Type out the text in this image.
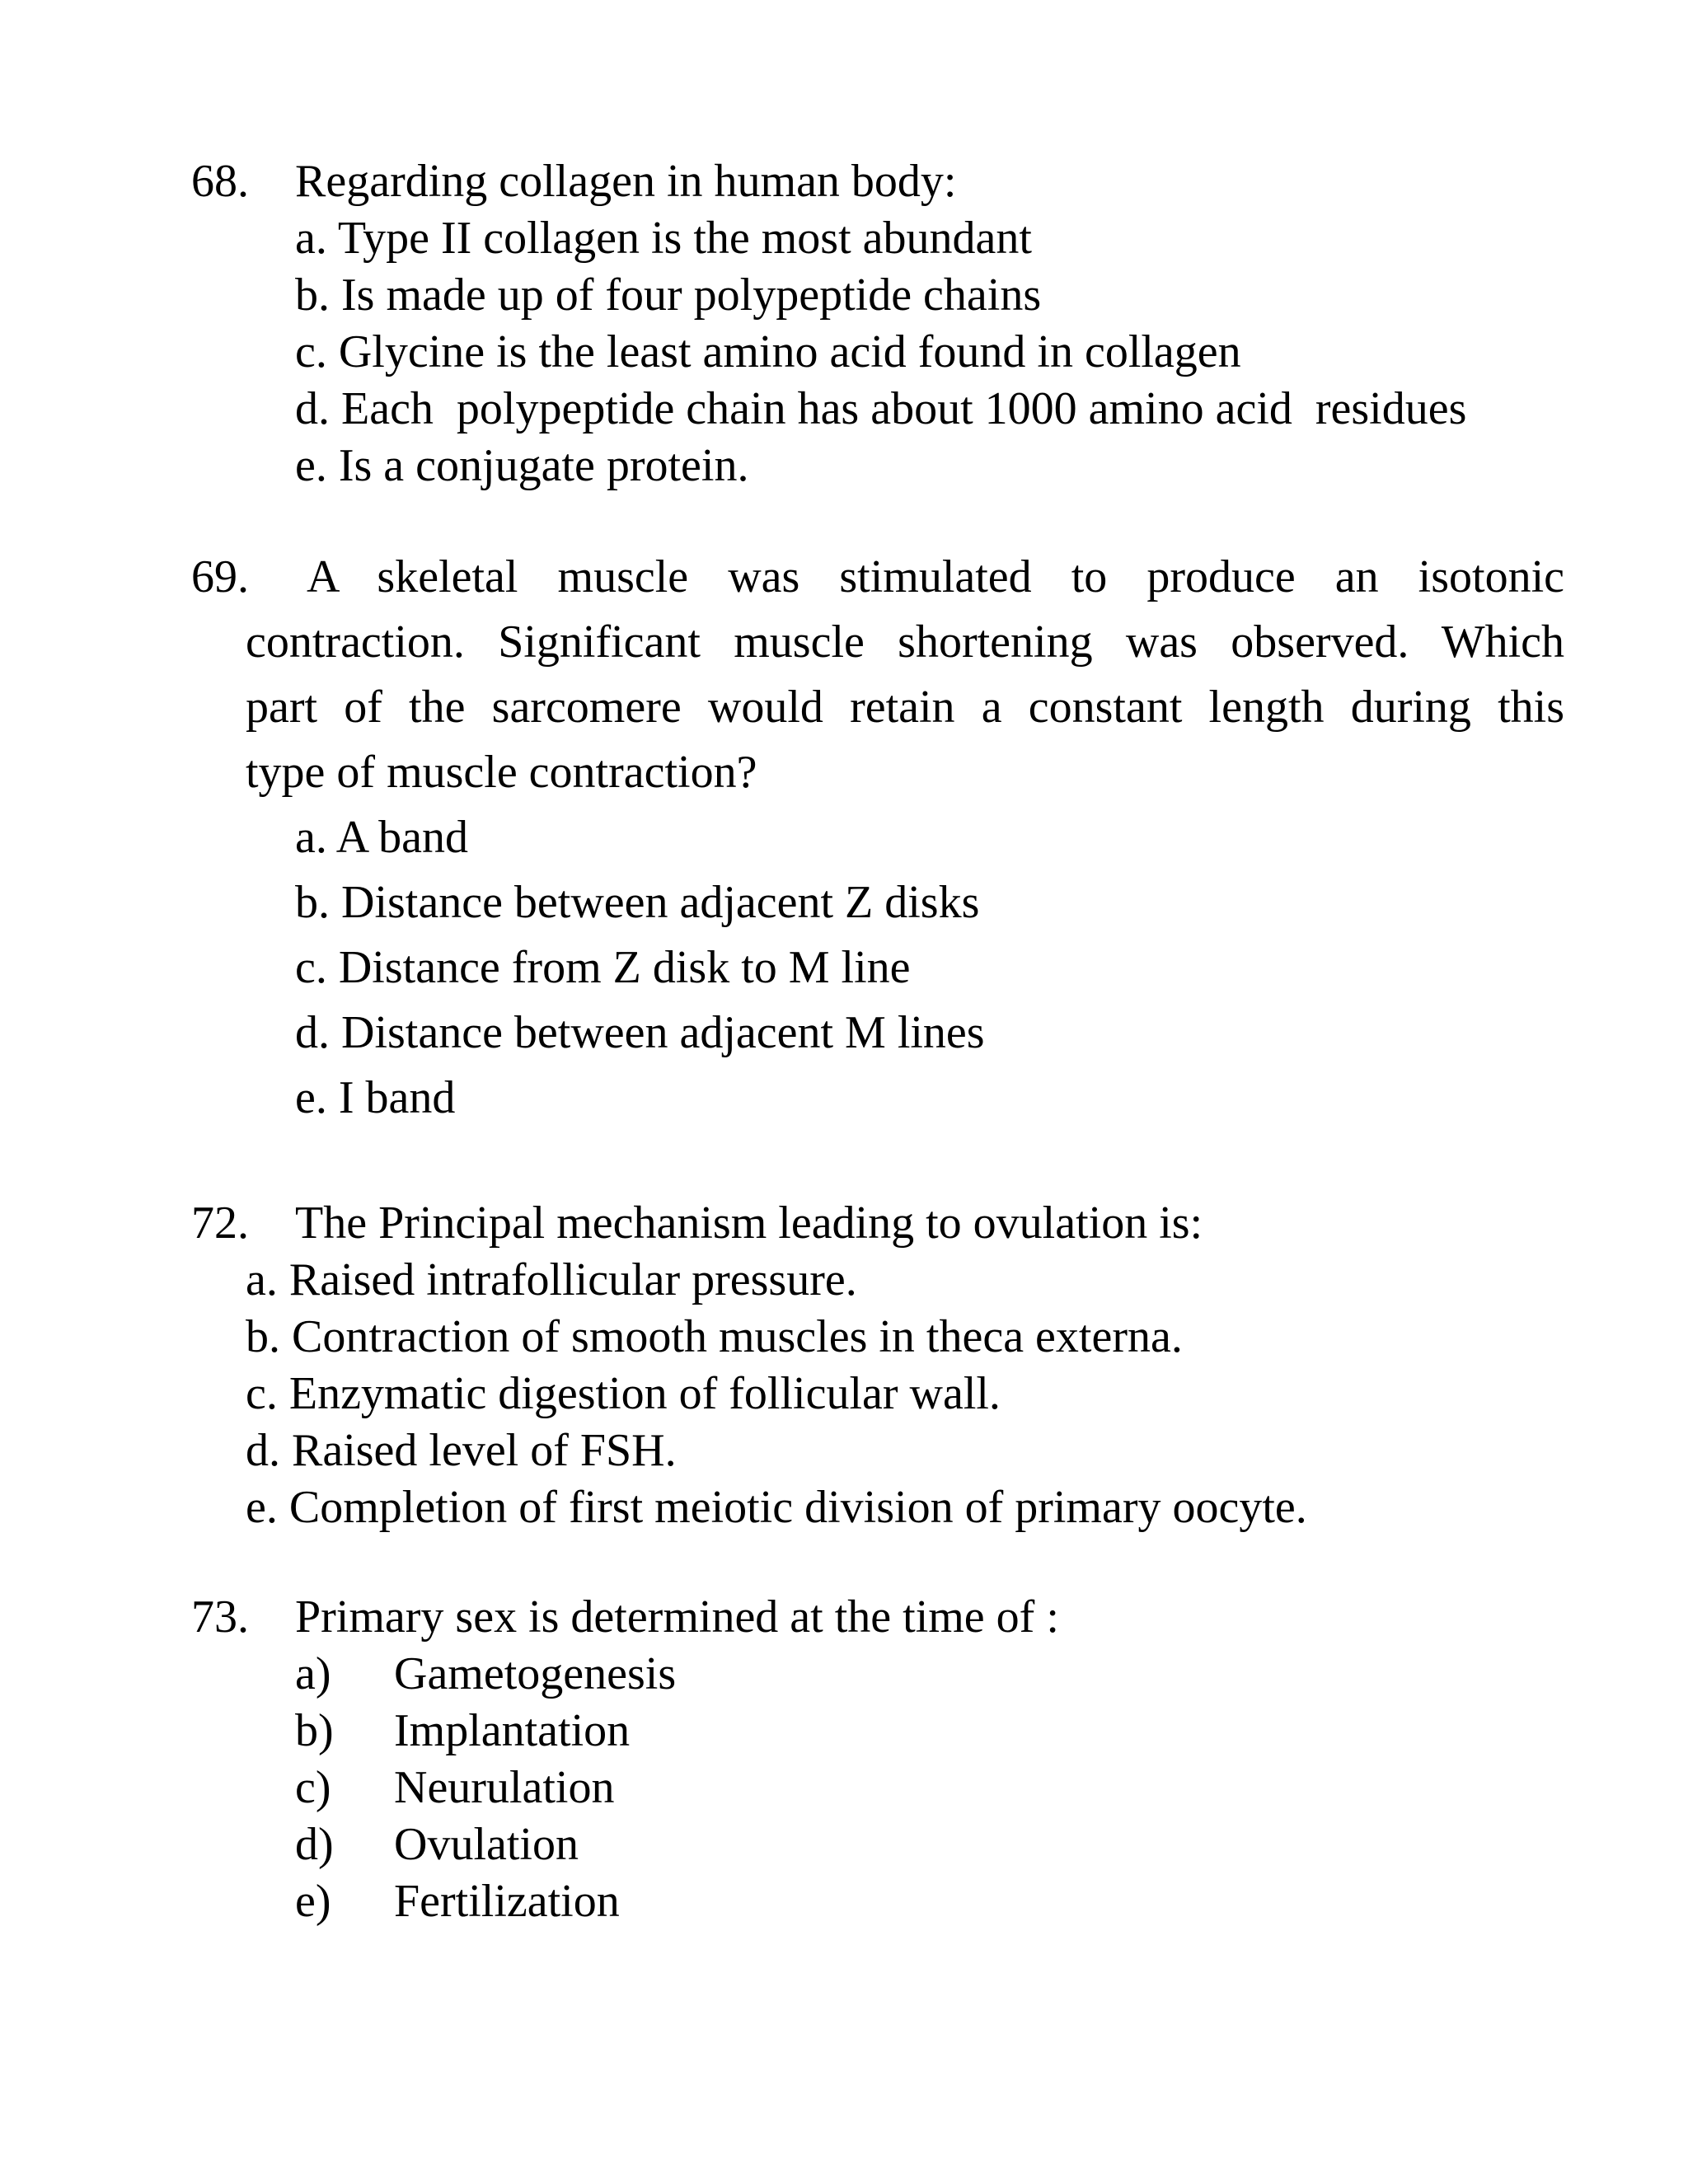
68. Regarding collagen in human body:

a. Type II collagen is the most abundant

b. Is made up of four polypeptide chains

c. Glycine is the least amino acid found in collagen

d. Each  polypeptide chain has about 1000 amino acid  residues

e. Is a conjugate protein.

69. A skeletal muscle was stimulated to produce an isotonic

contraction. Significant muscle shortening was observed. Which

part of the sarcomere would retain a constant length during this

type of muscle contraction?

a. A band

b. Distance between adjacent Z disks

c. Distance from Z disk to M line

d. Distance between adjacent M lines

e. I band

72. The Principal mechanism leading to ovulation is:

a. Raised intrafollicular pressure.

b. Contraction of smooth muscles in theca externa.

c. Enzymatic digestion of follicular wall.

d. Raised level of FSH.

e. Completion of first meiotic division of primary oocyte.

73. Primary sex is determined at the time of :

a) Gametogenesis

b) Implantation

c) Neurulation

d) Ovulation

e) Fertilization
